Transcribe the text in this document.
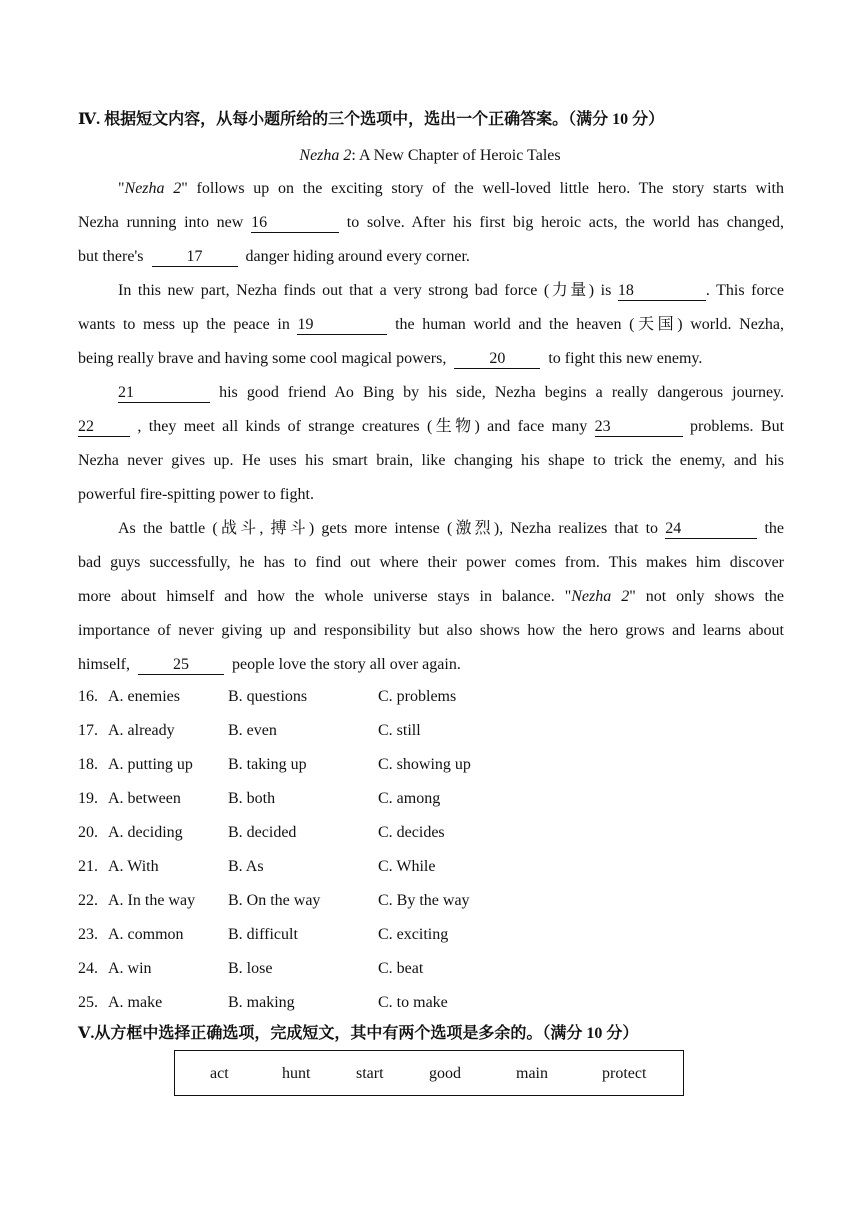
Ⅳ. 根据短文内容，从每小题所给的三个选项中，选出一个正确答案。（满分 10 分）
Nezha 2: A New Chapter of Heroic Tales
"Nezha 2" follows up on the exciting story of the well-loved little hero. The story starts with
Nezha running into new 16	to solve. After his first big heroic acts, the world has changed,
but there's	17	danger hiding around every corner.
In this new part, Nezha finds out that a very strong bad force (力量) is 18	. This force
wants to mess up the peace in 19	the human world and the heaven (天国) world. Nezha,
being really brave and having some cool magical powers,	20	to fight this new enemy.
21	his good friend Ao Bing by his side, Nezha begins a really dangerous journey.
22	, they meet all kinds of strange creatures (生物) and face many 23	problems. But
Nezha never gives up. He uses his smart brain, like changing his shape to trick the enemy, and his
powerful fire-spitting power to fight.
As the battle (战斗, 搏斗) gets more intense (激烈), Nezha realizes that to 24	the
bad guys successfully, he has to find out where their power comes from. This makes him discover
more about himself and how the whole universe stays in balance. "Nezha 2" not only shows the
importance of never giving up and responsibility but also shows how the hero grows and learns about
himself,	25	people love the story all over again.
16. A. enemies	B. questions	C. problems
17. A. already	B. even	C. still
18. A. putting up B. taking up	C. showing up
19. A. between	B. both	C. among
20. A. deciding	B. decided	C. decides
21. A. With	B. As	C. While
22. A. In the way B. On the way	C. By the way
23. A. common	B. difficult	C. exciting
24. A. win	B. lose	C. beat
25. A. make	B. making	C. to make
Ⅴ.从方框中选择正确选项，完成短文，其中有两个选项是多余的。（满分 10 分）
act	hunt	start	good	main	protect
